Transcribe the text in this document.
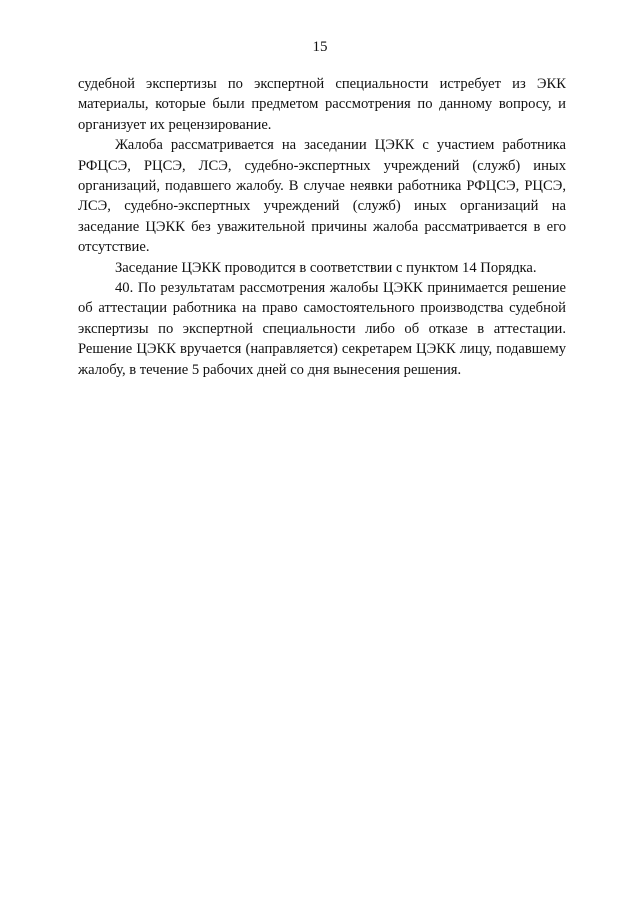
15

судебной экспертизы по экспертной специальности истребует из ЭКК материалы, которые были предметом рассмотрения по данному вопросу, и организует их рецензирование.

Жалоба рассматривается на заседании ЦЭКК с участием работника РФЦСЭ, РЦСЭ, ЛСЭ, судебно-экспертных учреждений (служб) иных организаций, подавшего жалобу. В случае неявки работника РФЦСЭ, РЦСЭ, ЛСЭ, судебно-экспертных учреждений (служб) иных организаций на заседание ЦЭКК без уважительной причины жалоба рассматривается в его отсутствие.

Заседание ЦЭКК проводится в соответствии с пунктом 14 Порядка.

40. По результатам рассмотрения жалобы ЦЭКК принимается решение об аттестации работника на право самостоятельного производства судебной экспертизы по экспертной специальности либо об отказе в аттестации. Решение ЦЭКК вручается (направляется) секретарем ЦЭКК лицу, подавшему жалобу, в течение 5 рабочих дней со дня вынесения решения.
